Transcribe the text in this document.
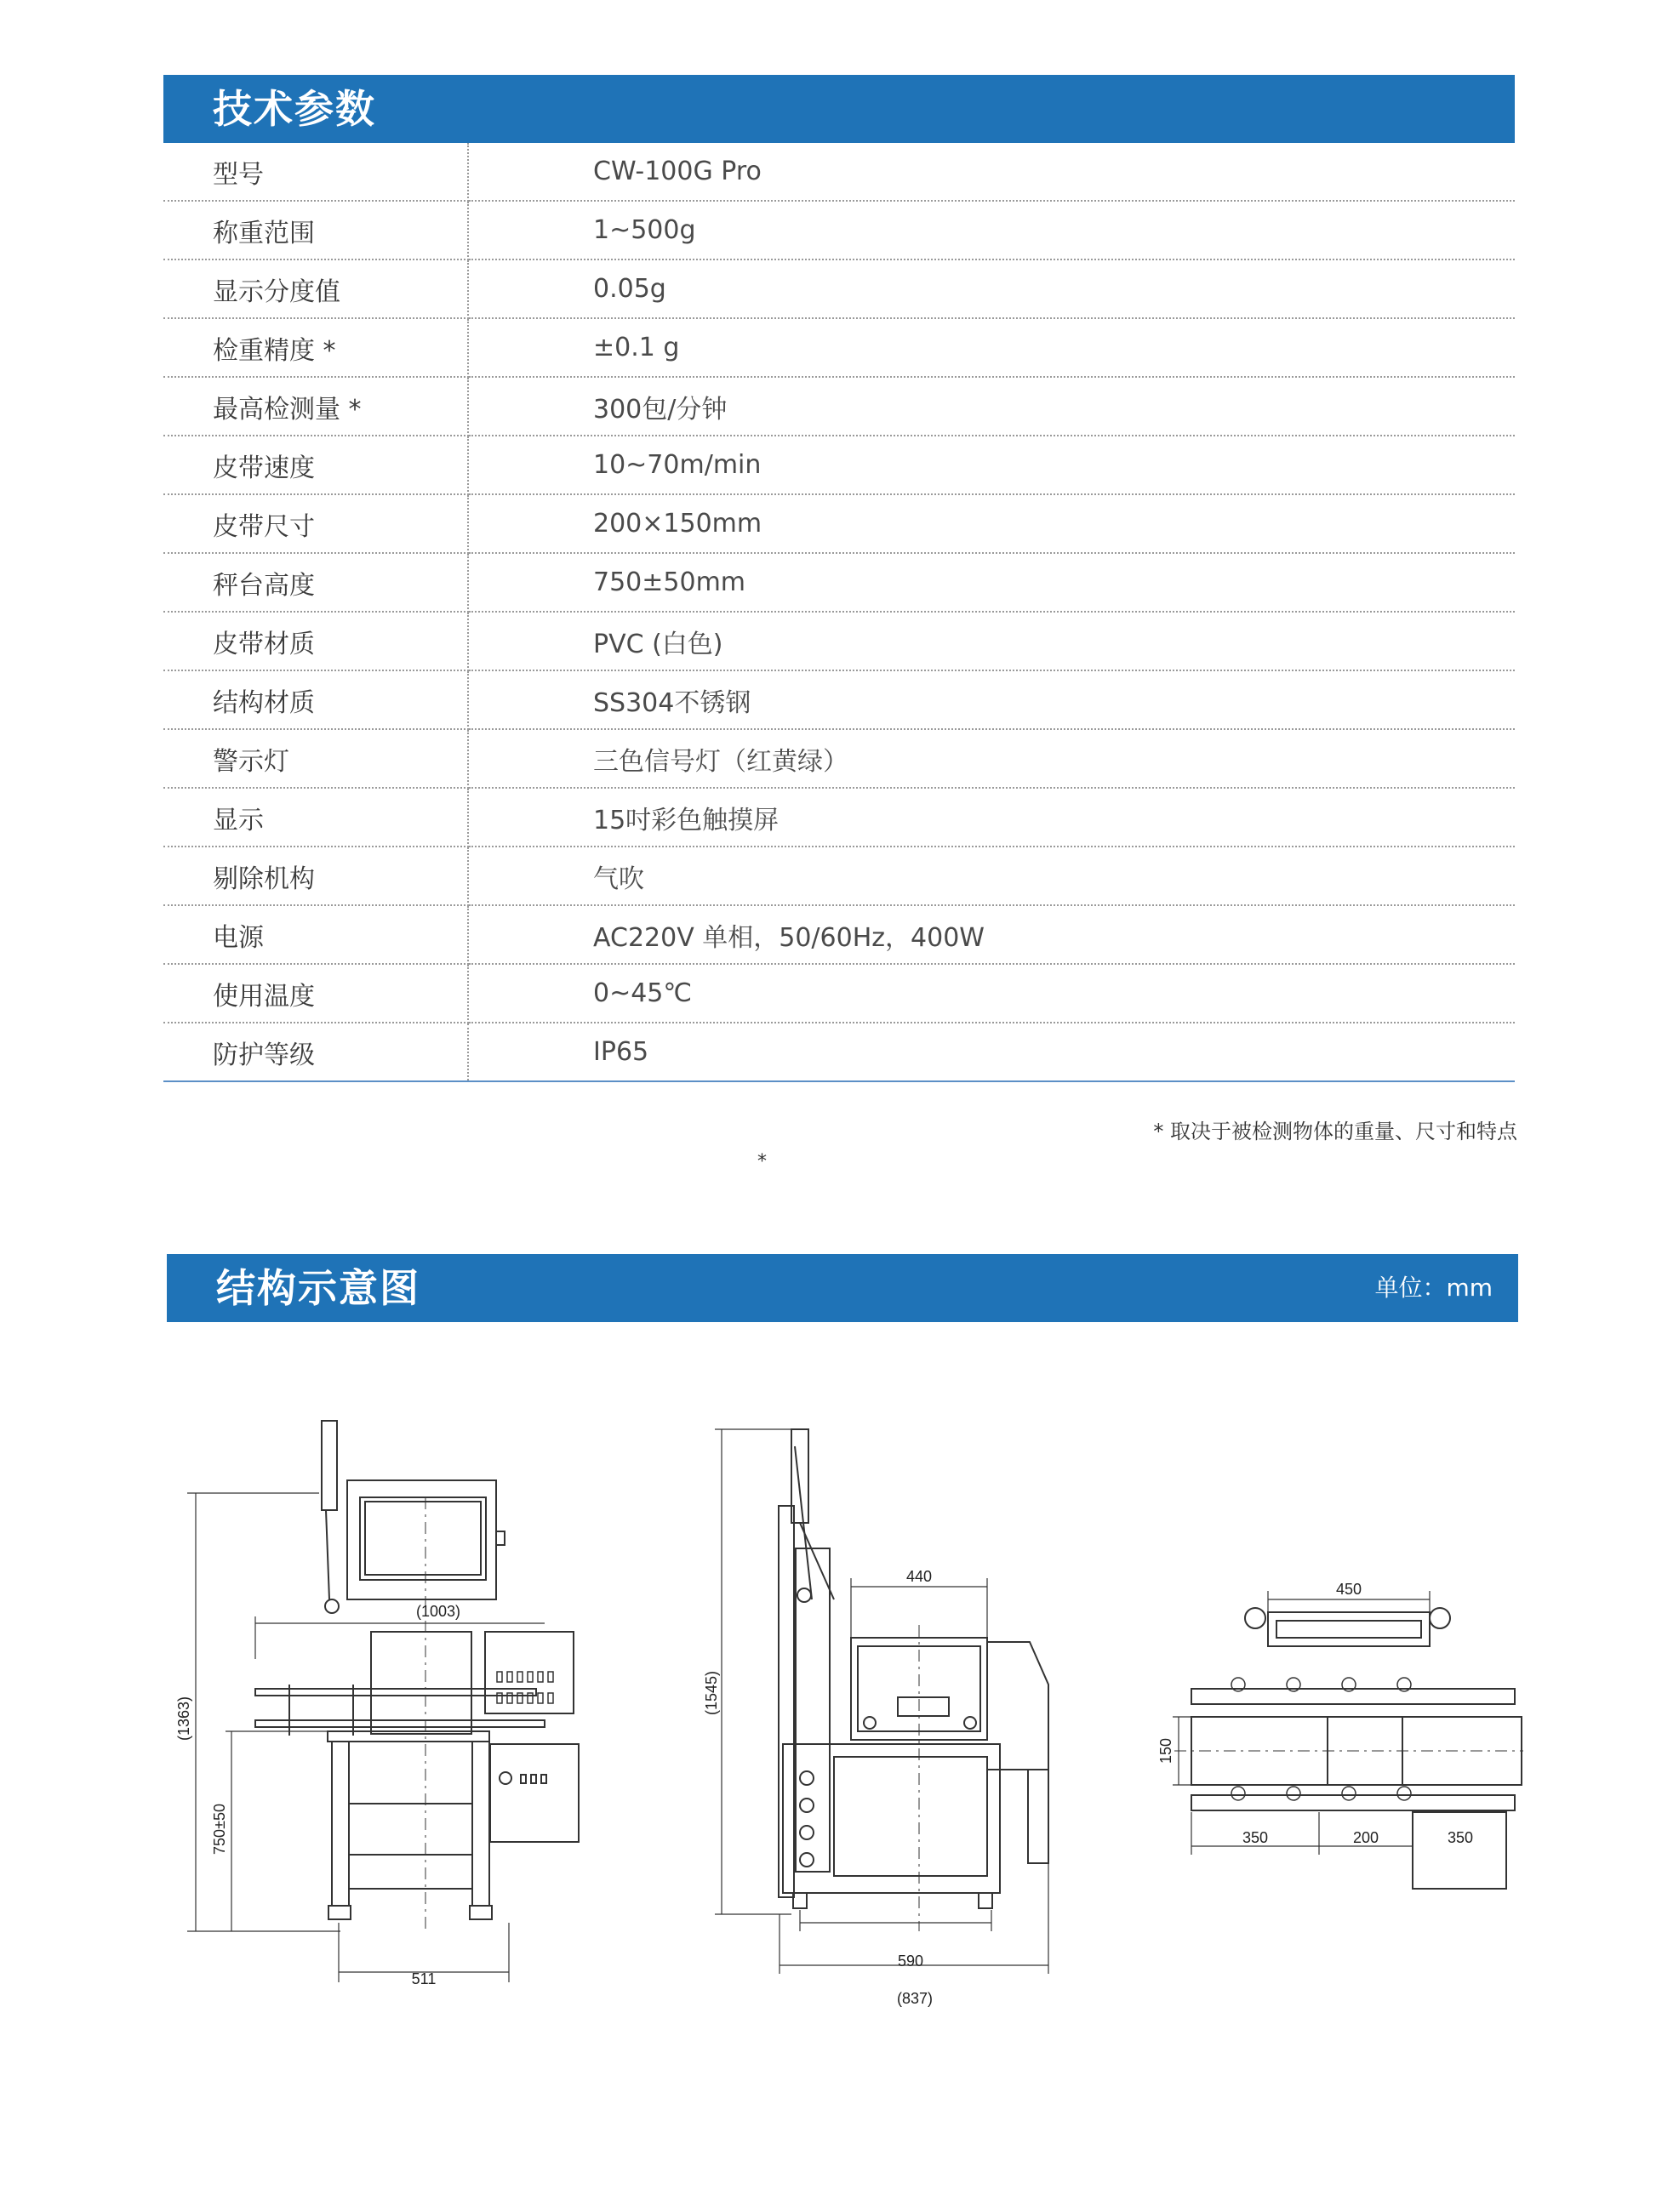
技术参数
型号	CW-100G Pro
称重范围	1~500g
显示分度值	0.05g
检重精度 *	±0.1 g
最高检测量 *	300包/分钟
皮带速度	10~70m/min
皮带尺寸	200×150mm
秤台高度	750±50mm
皮带材质	PVC (白色)
结构材质	SS304不锈钢
警示灯	三色信号灯（红黄绿）
显示	15吋彩色触摸屏
剔除机构	气吹
电源	AC220V 单相，50/60Hz，400W
使用温度	0~45℃
防护等级	IP65
* 取决于被检测物体的重量、尺寸和特点
*
结构示意图	单位：mm
511
(1003)
(1363)
750±50
440
590
(837)
(1545)
450
150
350	200	350
